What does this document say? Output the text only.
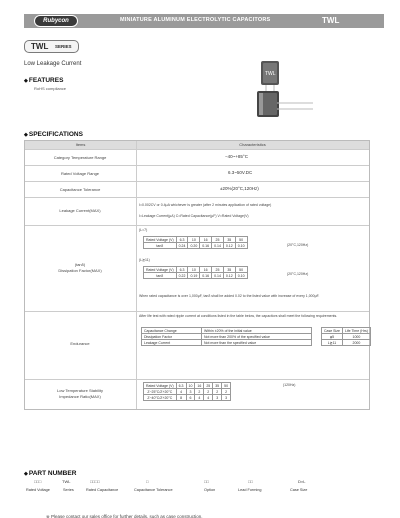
Rubycon	MINIATURE ALUMINUM ELECTROLYTIC CAPACITORS	TWL
TWL SERIES
Low Leakage Current
◆ FEATURES
RoHS compliance
TWL
◆ SPECIFICATIONS
Items	Characteristics
Category Temperature Range	−40~+85°C
Rated Voltage Range	6.3~50V.DC
Capacitance Tolerance	±20%(20°C,120Hz)
Leakage Current(MAX)
I=0.002CV or 0.4μA whichever is greater (after 2 minutes application of rated voltage)
I=Leakage Current(μA) C=Rated Capacitance(μF) V=Rated Voltage(V)
(tanδ)
Dissipation Factor(MAX)
(L=7)
(20°C,120Hz)
Rated Voltage (V)	6.3	10	16	25	35	50
tanδ	0.24	0.20	0.16	0.14	0.12	0.10
(L≧11)
(20°C,120Hz)
Rated Voltage (V)	6.3	10	16	25	35	50
tanδ	0.22	0.19	0.16	0.14	0.12	0.10
When rated capacitance is over 1,000μF, tanδ shall be added 0.02 to the listed value with increase of every 1,000μF.
Endurance
After life test with rated ripple current at conditions listed in the table below, the capacitors shall meet the following requirements.
Capacitance Change	Within ±20% of the initial value
Dissipation Factor	Not more than 200% of the specified value
Leakage Current	Not more than the specified value
Case Size	Life Time (Hrs)
φ5	1000
L≧11	2000
Low Temperature Stability
Impedance Ratio(MAX)
(120Hz)
Rated Voltage (V)	6.3	10	16	25	35	50
Z−25°C/Z+20°C	4	3	2	2	2	2
Z−40°C/Z+20°C	8	6	4	4	3	3
◆ PART NUMBER
□□□	TWL	□□□□	□	□□	□□	D×L
Rated Voltage	Series	Rated Capacitance	Capacitance Tolerance	Option	Lead Forming	Case Size
※ Please contact our sales office for further details, such as case construction.
